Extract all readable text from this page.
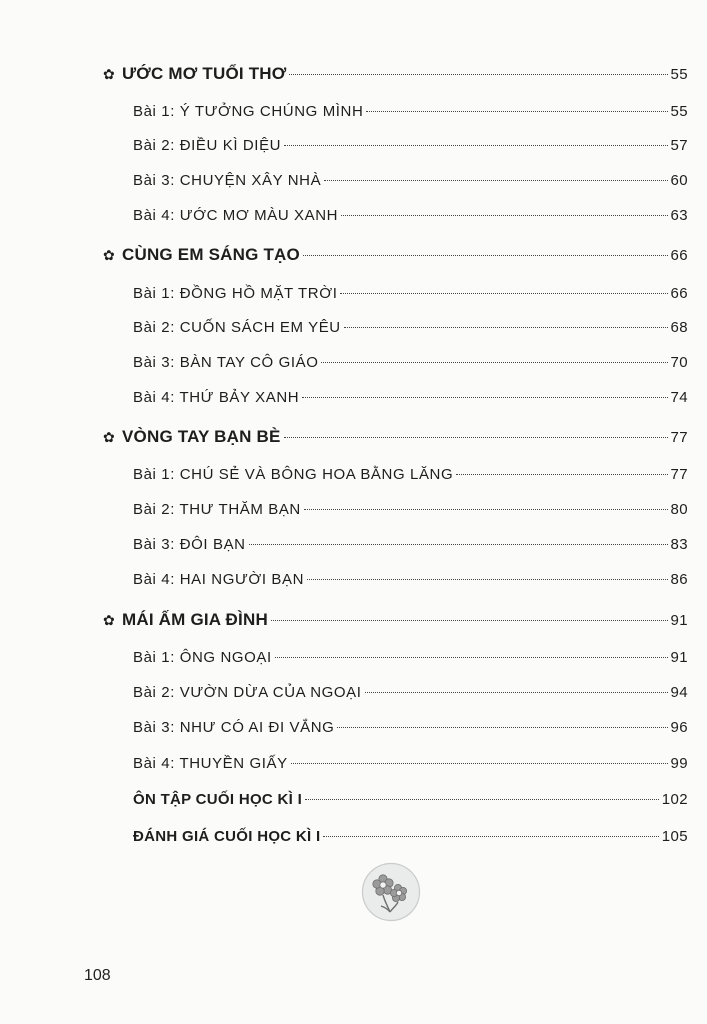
✿ ƯỚC MƠ TUỔI THƠ	55
Bài 1: Ý TƯỞNG CHÚNG MÌNH	55
Bài 2: ĐIỀU KÌ DIỆU	57
Bài 3: CHUYỆN XÂY NHÀ	60
Bài 4: ƯỚC MƠ MÀU XANH	63
✿ CÙNG EM SÁNG TẠO	66
Bài 1: ĐỒNG HỒ MẶT TRỜI	66
Bài 2: CUỐN SÁCH EM YÊU	68
Bài 3: BÀN TAY CÔ GIÁO	70
Bài 4: THỨ BẢY XANH	74
✿ VÒNG TAY BẠN BÈ	77
Bài 1: CHÚ SẺ VÀ BÔNG HOA BẰNG LĂNG	77
Bài 2: THƯ THĂM BẠN	80
Bài 3: ĐÔI BẠN	83
Bài 4: HAI NGƯỜI BẠN	86
✿ MÁI ẤM GIA ĐÌNH	91
Bài 1: ÔNG NGOẠI	91
Bài 2: VƯỜN DỪA CỦA NGOẠI	94
Bài 3: NHƯ CÓ AI ĐI VẮNG	96
Bài 4: THUYỀN GIẤY	99
ÔN TẬP CUỐI HỌC KÌ I	102
ĐÁNH GIÁ CUỐI HỌC KÌ I	105
108
